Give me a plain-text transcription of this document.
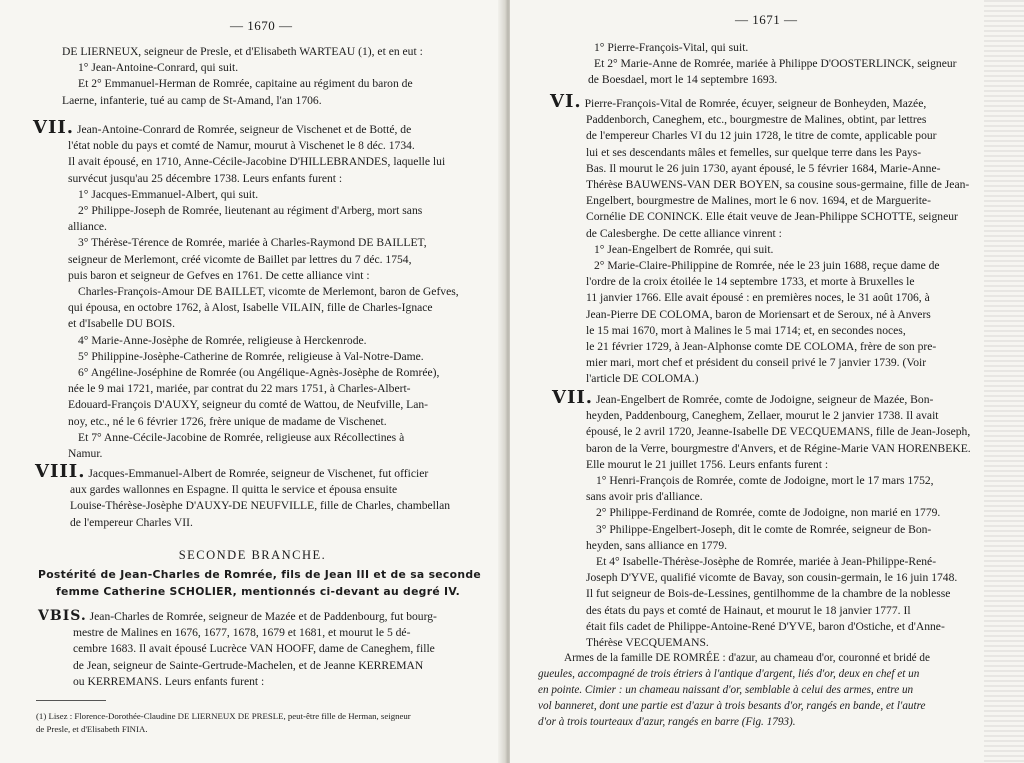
— 1670 —
DE LIERNEUX, seigneur de Presle, et d'Elisabeth WARTEAU (1), et en eut :
1° Jean-Antoine-Conrard, qui suit.
Et 2° Emmanuel-Herman de Romrée, capitaine au régiment du baron de
Laerne, infanterie, tué au camp de St-Amand, l'an 1706.
VII. Jean-Antoine-Conrard de Romrée, seigneur de Vischenet et de Botté, de
l'état noble du pays et comté de Namur, mourut à Vischenet le 8 déc. 1734.
Il avait épousé, en 1710, Anne-Cécile-Jacobine D'HILLEBRANDES, laquelle lui
survécut jusqu'au 25 décembre 1738. Leurs enfants furent :
1° Jacques-Emmanuel-Albert, qui suit.
2° Philippe-Joseph de Romrée, lieutenant au régiment d'Arberg, mort sans
alliance.
3° Thérèse-Térence de Romrée, mariée à Charles-Raymond DE BAILLET,
seigneur de Merlemont, créé vicomte de Baillet par lettres du 7 déc. 1754,
puis baron et seigneur de Gefves en 1761. De cette alliance vint :
Charles-François-Amour DE BAILLET, vicomte de Merlemont, baron de Gefves,
qui épousa, en octobre 1762, à Alost, Isabelle VILAIN, fille de Charles-Ignace
et d'Isabelle DU BOIS.
4° Marie-Anne-Josèphe de Romrée, religieuse à Herckenrode.
5° Philippine-Josèphe-Catherine de Romrée, religieuse à Val-Notre-Dame.
6° Angéline-Joséphine de Romrée (ou Angélique-Agnès-Josèphe de Romrée),
née le 9 mai 1721, mariée, par contrat du 22 mars 1751, à Charles-Albert-
Edouard-François D'AUXY, seigneur du comté de Wattou, de Neufville, Lan-
noy, etc., né le 6 février 1726, frère unique de madame de Vischenet.
Et 7° Anne-Cécile-Jacobine de Romrée, religieuse aux Récollectines à
Namur.
VIII. Jacques-Emmanuel-Albert de Romrée, seigneur de Vischenet, fut officier
aux gardes wallonnes en Espagne. Il quitta le service et épousa ensuite
Louise-Thérèse-Josèphe D'AUXY-DE NEUFVILLE, fille de Charles, chambellan
de l'empereur Charles VII.
SECONDE BRANCHE.
Postérité de Jean-Charles de Romrée, fils de Jean III et de sa seconde
femme Catherine SCHOLIER, mentionnés ci-devant au degré IV.
VBIS. Jean-Charles de Romrée, seigneur de Mazée et de Paddenbourg, fut bourg-
mestre de Malines en 1676, 1677, 1678, 1679 et 1681, et mourut le 5 dé-
cembre 1683. Il avait épousé Lucrèce VAN HOOFF, dame de Caneghem, fille
de Jean, seigneur de Sainte-Gertrude-Machelen, et de Jeanne KERREMAN
ou KERREMANS. Leurs enfants furent :
(1) Lisez : Florence-Dorothée-Claudine DE LIERNEUX DE PRESLE, peut-être fille de Herman, seigneur
de Presle, et d'Elisabeth FINIA.
— 1671 —
1° Pierre-François-Vital, qui suit.
Et 2° Marie-Anne de Romrée, mariée à Philippe D'OOSTERLINCK, seigneur
de Boesdael, mort le 14 septembre 1693.
VI. Pierre-François-Vital de Romrée, écuyer, seigneur de Bonheyden, Mazée,
Paddenborch, Caneghem, etc., bourgmestre de Malines, obtint, par lettres
de l'empereur Charles VI du 12 juin 1728, le titre de comte, applicable pour
lui et ses descendants mâles et femelles, sur quelque terre dans les Pays-
Bas. Il mourut le 26 juin 1730, ayant épousé, le 5 février 1684, Marie-Anne-
Thérèse BAUWENS-VAN DER BOYEN, sa cousine sous-germaine, fille de Jean-
Engelbert, bourgmestre de Malines, mort le 6 nov. 1694, et de Marguerite-
Cornélie DE CONINCK. Elle était veuve de Jean-Philippe SCHOTTE, seigneur
de Calesberghe. De cette alliance vinrent :
1° Jean-Engelbert de Romrée, qui suit.
2° Marie-Claire-Philippine de Romrée, née le 23 juin 1688, reçue dame de
l'ordre de la croix étoilée le 14 septembre 1733, et morte à Bruxelles le
11 janvier 1766. Elle avait épousé : en premières noces, le 31 août 1706, à
Jean-Pierre DE COLOMA, baron de Moriensart et de Seroux, né à Anvers
le 15 mai 1670, mort à Malines le 5 mai 1714; et, en secondes noces,
le 21 février 1729, à Jean-Alphonse comte DE COLOMA, frère de son pre-
mier mari, mort chef et président du conseil privé le 7 janvier 1739. (Voir
l'article DE COLOMA.)
VII. Jean-Engelbert de Romrée, comte de Jodoigne, seigneur de Mazée, Bon-
heyden, Paddenbourg, Caneghem, Zellaer, mourut le 2 janvier 1738. Il avait
épousé, le 2 avril 1720, Jeanne-Isabelle DE VECQUEMANS, fille de Jean-Joseph,
baron de la Verre, bourgmestre d'Anvers, et de Régine-Marie VAN HORENBEKE.
Elle mourut le 21 juillet 1756. Leurs enfants furent :
1° Henri-François de Romrée, comte de Jodoigne, mort le 17 mars 1752,
sans avoir pris d'alliance.
2° Philippe-Ferdinand de Romrée, comte de Jodoigne, non marié en 1779.
3° Philippe-Engelbert-Joseph, dit le comte de Romrée, seigneur de Bon-
heyden, sans alliance en 1779.
Et 4° Isabelle-Thérèse-Josèphe de Romrée, mariée à Jean-Philippe-René-
Joseph D'YVE, qualifié vicomte de Bavay, son cousin-germain, le 16 juin 1748.
Il fut seigneur de Bois-de-Lessines, gentilhomme de la chambre de la noblesse
des états du pays et comté de Hainaut, et mourut le 18 janvier 1777. Il
était fils cadet de Philippe-Antoine-René D'YVE, baron d'Ostiche, et d'Anne-
Thérèse VECQUEMANS.
Armes de la famille DE ROMRÉE : d'azur, au chameau d'or, couronné et bridé de
gueules, accompagné de trois étriers à l'antique d'argent, liés d'or, deux en chef et un
en pointe. Cimier : un chameau naissant d'or, semblable à celui des armes, entre un
vol banneret, dont une partie est d'azur à trois besants d'or, rangés en bande, et l'autre
d'or à trois tourteaux d'azur, rangés en barre (Fig. 1793).
